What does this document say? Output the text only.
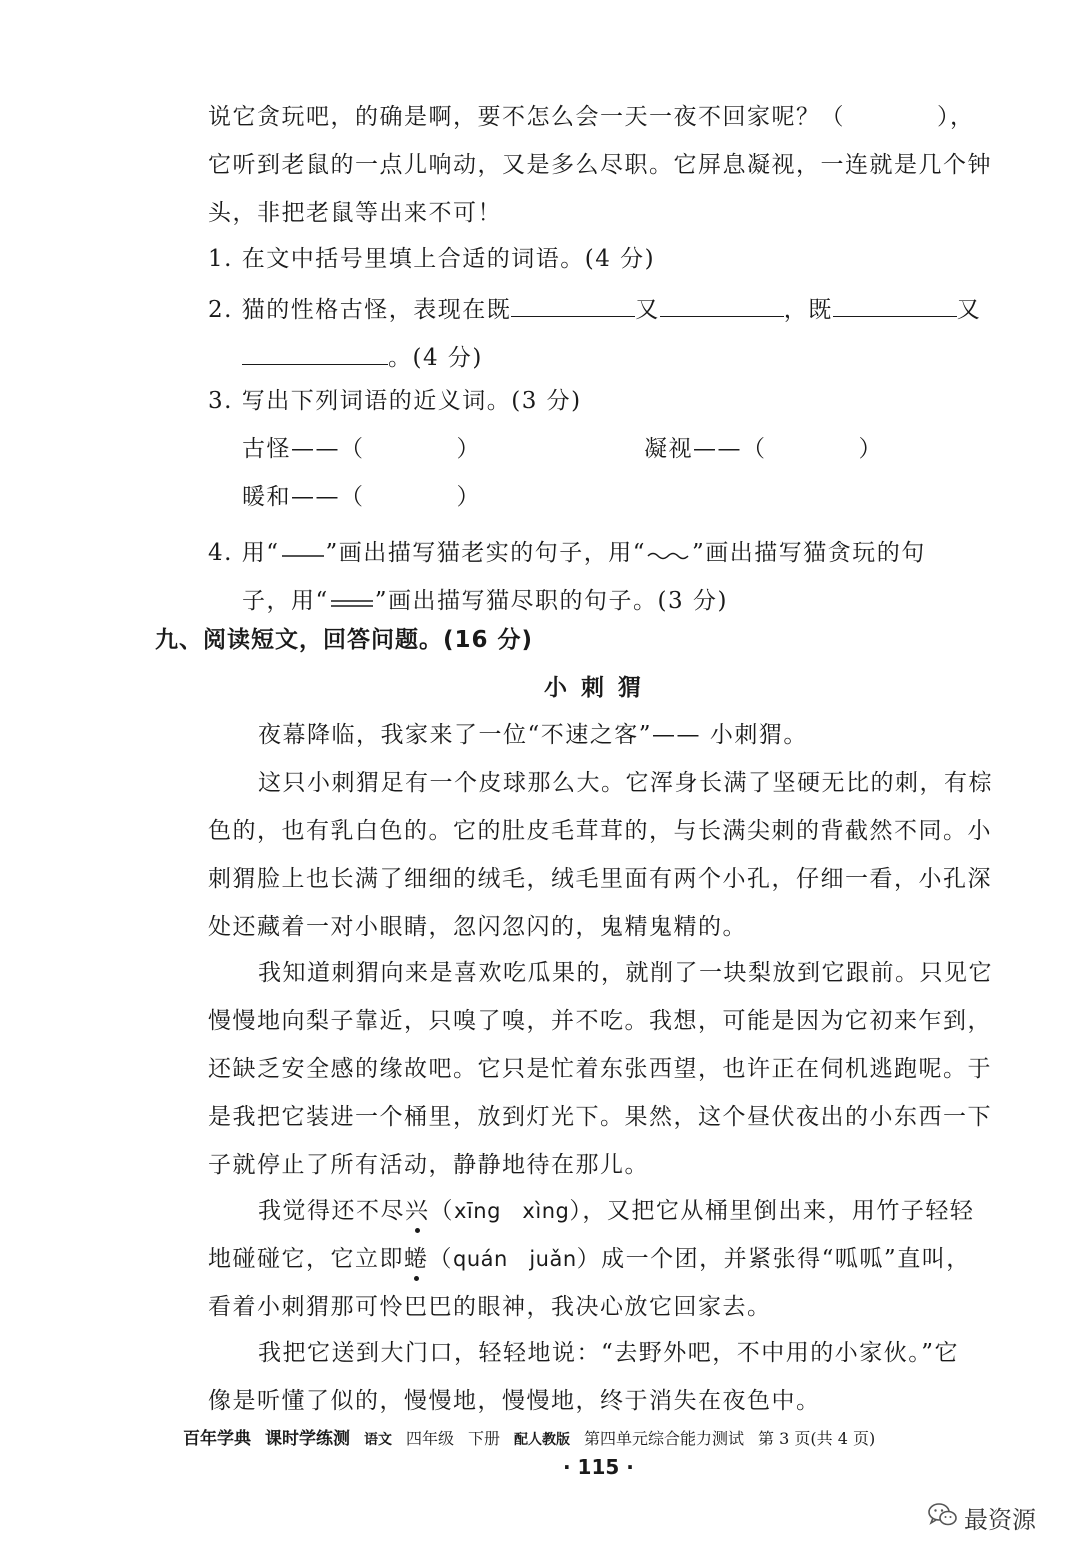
说它贪玩吧，的确是啊，要不怎么会一天一夜不回家呢？（	），
它听到老鼠的一点儿响动，又是多么尽职。它屏息凝视，一连就是几个钟
头，非把老鼠等出来不可！
1. 在文中括号里填上合适的词语。(4 分)
2. 猫的性格古怪，表现在既	又	，既	又
。(4 分)
3. 写出下列词语的近义词。(3 分)
古怪——（	）	凝视——（	）
暖和——（	）
4. 用“ ”画出描写猫老实的句子，用“ ”画出描写猫贪玩的句
子，用“ ”画出描写猫尽职的句子。(3 分)
九、阅读短文，回答问题。(16 分)
小刺猬
夜幕降临，我家来了一位“不速之客”—— 小刺猬。
这只小刺猬足有一个皮球那么大。它浑身长满了坚硬无比的刺，有棕
色的，也有乳白色的。它的肚皮毛茸茸的，与长满尖刺的背截然不同。小
刺猬脸上也长满了细细的绒毛，绒毛里面有两个小孔，仔细一看，小孔深
处还藏着一对小眼睛，忽闪忽闪的，鬼精鬼精的。
我知道刺猬向来是喜欢吃瓜果的，就削了一块梨放到它跟前。只见它
慢慢地向梨子靠近，只嗅了嗅，并不吃。我想，可能是因为它初来乍到，
还缺乏安全感的缘故吧。它只是忙着东张西望，也许正在伺机逃跑呢。于
是我把它装进一个桶里，放到灯光下。果然，这个昼伏夜出的小东西一下
子就停止了所有活动，静静地待在那儿。
我觉得还不尽兴（xīng   xìng），又把它从桶里倒出来，用竹子轻轻
地碰碰它，它立即蜷（quán   juǎn）成一个团，并紧张得“呱呱”直叫，
看着小刺猬那可怜巴巴的眼神，我决心放它回家去。
我把它送到大门口，轻轻地说：“去野外吧，不中用的小家伙。”它
像是听懂了似的，慢慢地，慢慢地，终于消失在夜色中。
百年学典 课时学练测 语文 四年级 下册 配人教版 第四单元综合能力测试 第 3 页(共 4 页)
· 115 ·
最资源
